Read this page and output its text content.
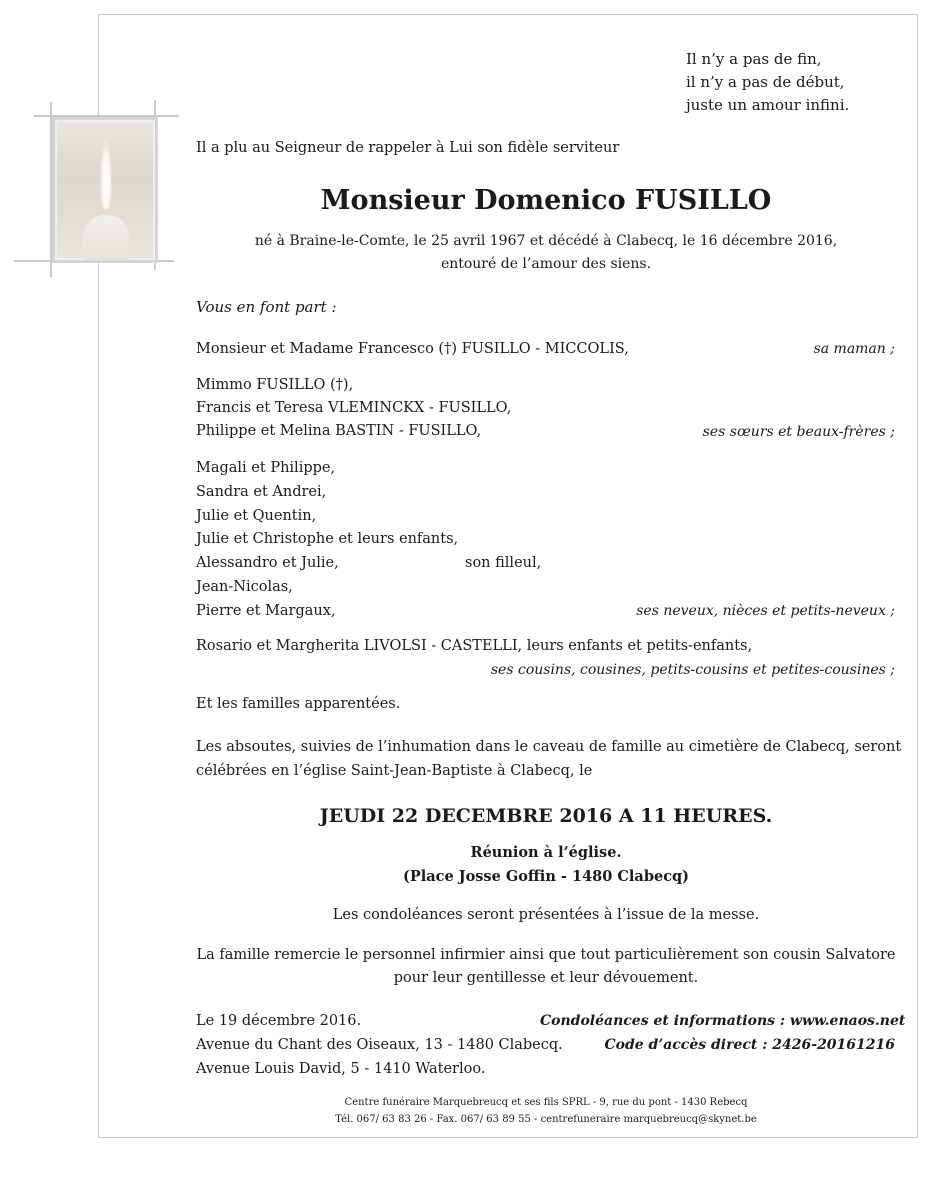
Il n’y a pas de fin,
il n’y a pas de début,
juste un amour infini.
Il a plu au Seigneur de rappeler à Lui son fidèle serviteur
Monsieur Domenico FUSILLO
né à Braine-le-Comte, le 25 avril 1967 et décédé à Clabecq, le 16 décembre 2016,
entouré de l’amour des siens.
Vous en font part :
Monsieur et Madame Francesco (†) FUSILLO - MICCOLIS,	sa maman ;
Mimmo FUSILLO (†),
Francis et Teresa VLEMINCKX - FUSILLO,
Philippe et Melina BASTIN - FUSILLO,	ses sœurs et beaux-frères ;
Magali et Philippe,
Sandra et Andrei,
Julie et Quentin,
Julie et Christophe et leurs enfants,
Alessandro et Julie,	son filleul,
Jean-Nicolas,
Pierre et Margaux,	ses neveux, nièces et petits-neveux ;
Rosario et Margherita LIVOLSI - CASTELLI, leurs enfants et petits-enfants,
ses cousins, cousines, petits-cousins et petites-cousines ;
Et les familles apparentées.
Les absoutes, suivies de l’inhumation dans le caveau de famille au cimetière de Clabecq, seront
célébrées en l’église Saint-Jean-Baptiste à Clabecq, le
JEUDI 22 DECEMBRE 2016 A 11 HEURES.
Réunion à l’église.
(Place Josse Goffin - 1480 Clabecq)
Les condoléances seront présentées à l’issue de la messe.
La famille remercie le personnel infirmier ainsi que tout particulièrement son cousin Salvatore
pour leur gentillesse et leur dévouement.
Le 19 décembre 2016.
Avenue du Chant des Oiseaux, 13 - 1480 Clabecq.
Avenue Louis David, 5 - 1410 Waterloo.
Condoléances et informations : www.enaos.net
Code d’accès direct : 2426-20161216
Centre funéraire Marquebreucq et ses fils SPRL - 9, rue du pont - 1430 Rebecq
Tél. 067/ 63 83 26 - Fax. 067/ 63 89 55 - centrefuneraire marquebreucq@skynet.be
